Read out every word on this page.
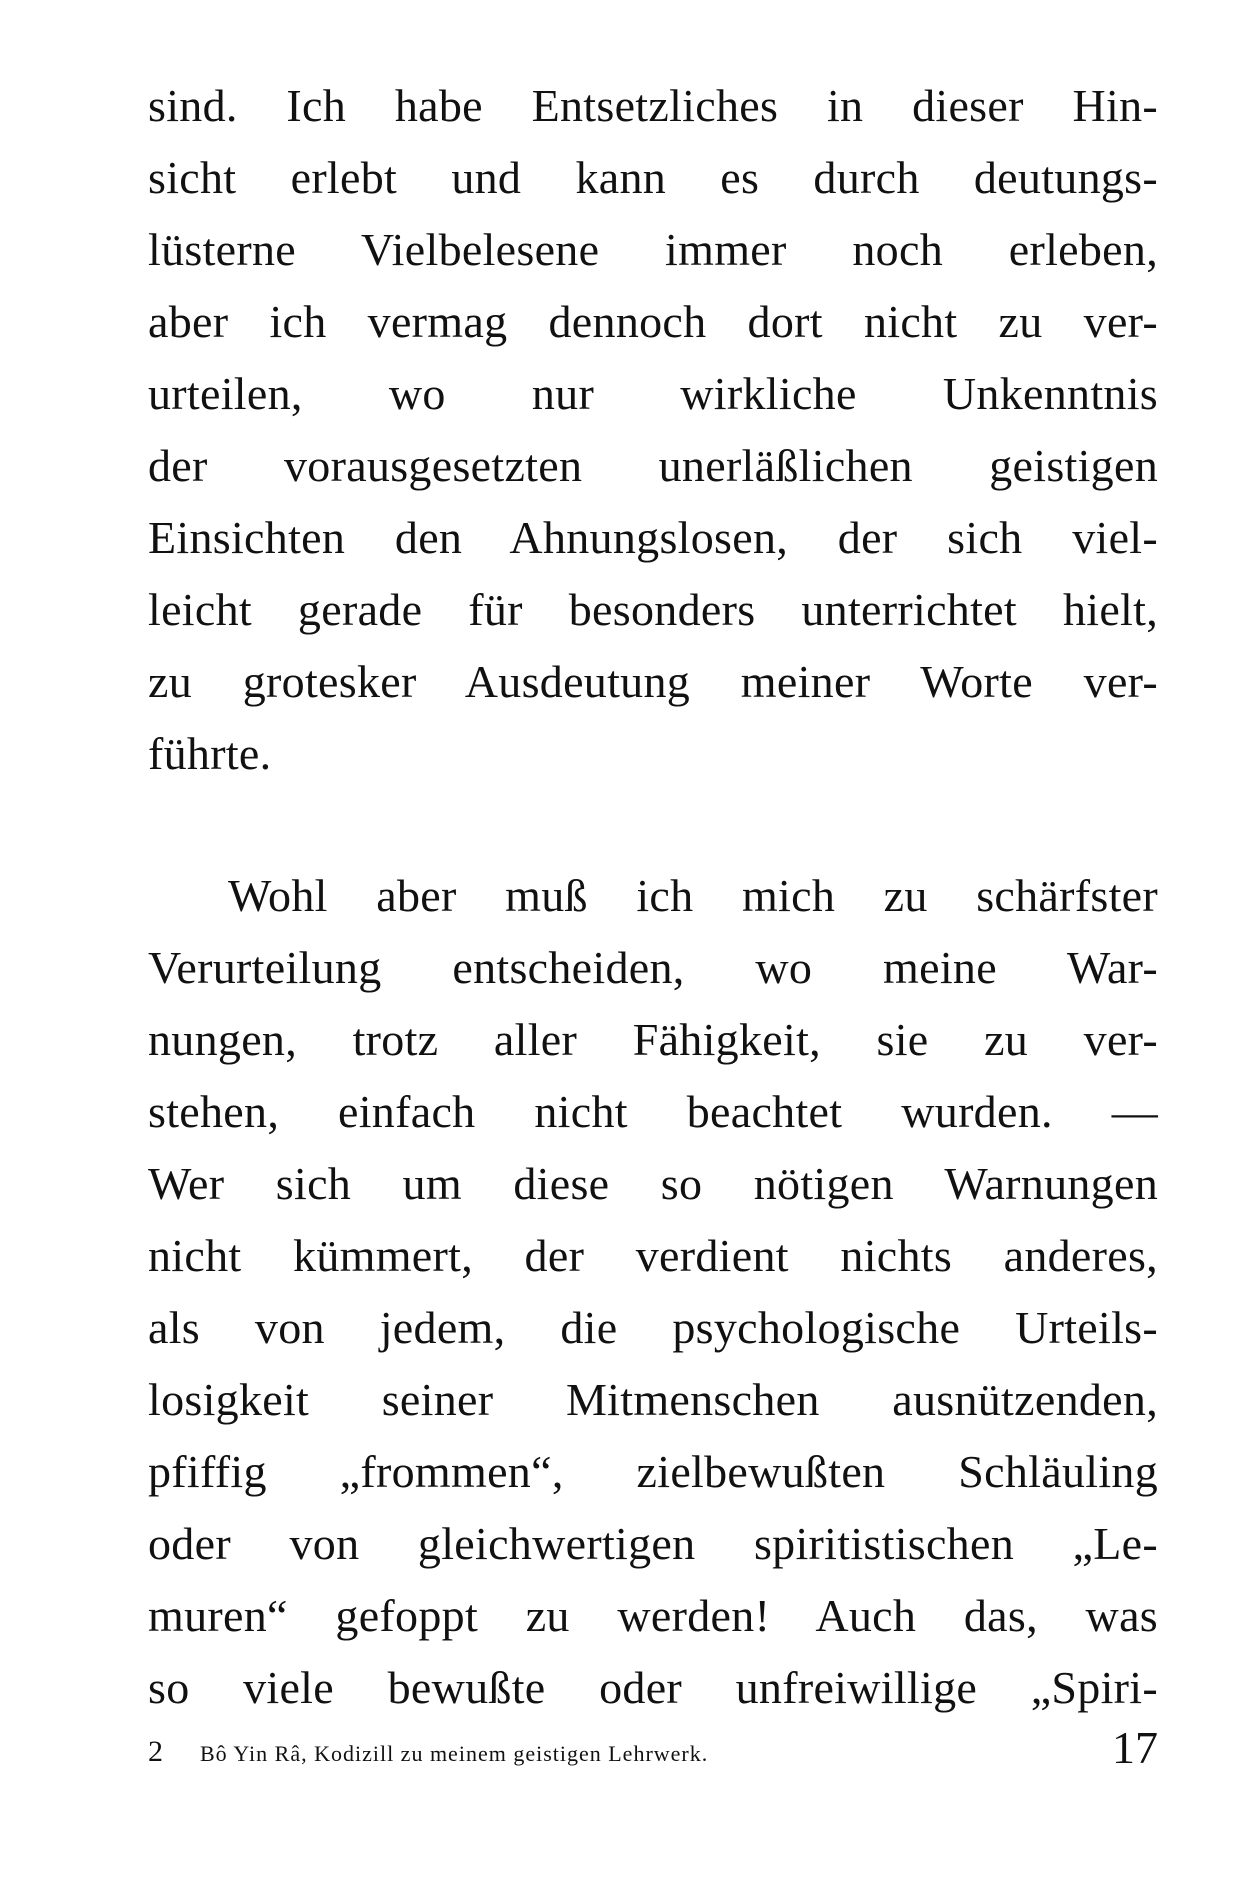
sind. Ich habe Entsetzliches in dieser Hin-
sicht erlebt und kann es durch deutungs-
lüsterne Vielbelesene immer noch erleben,
aber ich vermag dennoch dort nicht zu ver-
urteilen, wo nur wirkliche Unkenntnis
der vorausgesetzten unerläßlichen geistigen
Einsichten den Ahnungslosen, der sich viel-
leicht gerade für besonders unterrichtet hielt,
zu grotesker Ausdeutung meiner Worte ver-
führte.
Wohl aber muß ich mich zu schärfster
Verurteilung entscheiden, wo meine War-
nungen, trotz aller Fähigkeit, sie zu ver-
stehen, einfach nicht beachtet wurden. —
Wer sich um diese so nötigen Warnungen
nicht kümmert, der verdient nichts anderes,
als von jedem, die psychologische Urteils-
losigkeit seiner Mitmenschen ausnützenden,
pfiffig „frommen“, zielbewußten Schläuling
oder von gleichwertigen spiritistischen „Le-
muren“ gefoppt zu werden! Auch das, was
so viele bewußte oder unfreiwillige „Spiri-
2 Bô Yin Râ, Kodizill zu meinem geistigen Lehrwerk.	17
